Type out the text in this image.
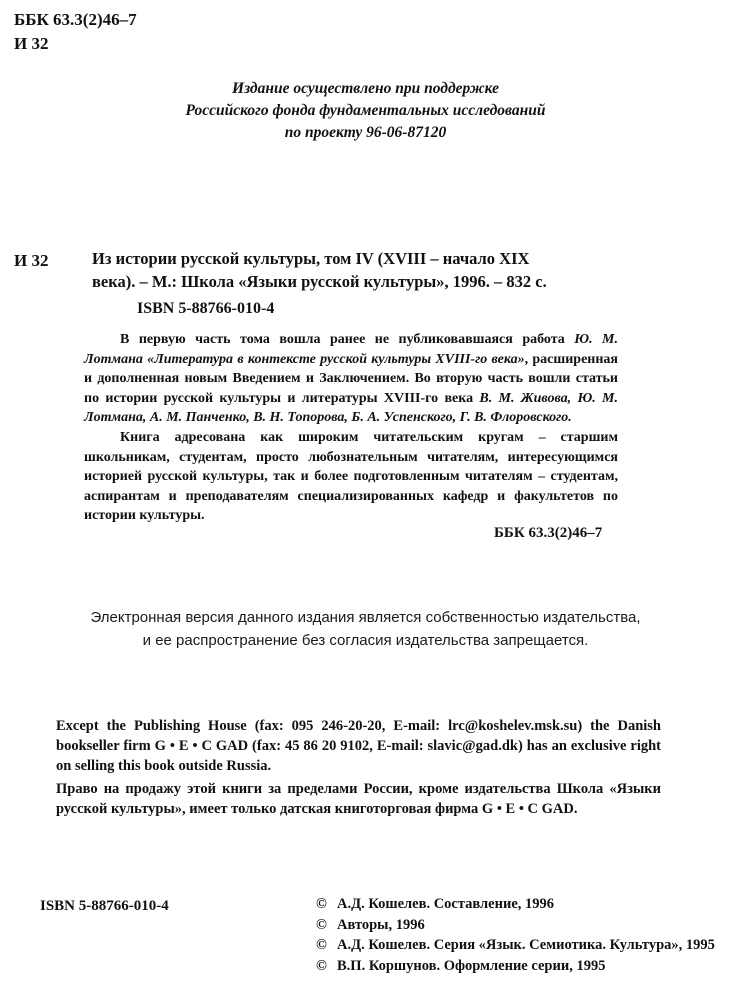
ББК 63.3(2)46–7
И 32
Издание осуществлено при поддержке
Российского фонда фундаментальных исследований
по проекту 96-06-87120
И 32	Из истории русской культуры, том IV (XVIII – начало XIX
века). – М.: Школа «Языки русской культуры», 1996. – 832 с.
ISBN 5-88766-010-4

В первую часть тома вошла ранее не публиковавшаяся работа Ю. М. Лотмана «Литература в контексте русской культуры XVIII-го века», расширенная и дополненная новым Введением и Заключением. Во вторую часть вошли статьи по истории русской культуры и литературы XVIII-го века В. М. Живова, Ю. М. Лотмана, А. М. Панченко, В. Н. Топорова, Б. А. Успенского, Г. В. Флоровского.

Книга адресована как широким читательским кругам – старшим школьникам, студентам, просто любознательным читателям, интересующимся историей русской культуры, так и более подготовленным читателям – студентам, аспирантам и преподавателям специализированных кафедр и факультетов по истории культуры.

ББК 63.3(2)46–7
Электронная версия данного издания является собственностью издательства,
и ее распространение без согласия издательства запрещается.

Except the Publishing House (fax: 095 246-20-20, E-mail: lrc@koshelev.msk.su) the Danish bookseller firm G • E • C GAD (fax: 45 86 20 9102, E-mail: slavic@gad.dk) has an exclusive right on selling this book outside Russia.

Право на продажу этой книги за пределами России, кроме издательства Школа «Языки русской культуры», имеет только датская книготорговая фирма G • E • C GAD.

ISBN 5-88766-010-4	© А.Д. Кошелев. Составление, 1996
© Авторы, 1996
© А.Д. Кошелев. Серия «Язык. Семиотика. Культура», 1995
© В.П. Коршунов. Оформление серии, 1995
